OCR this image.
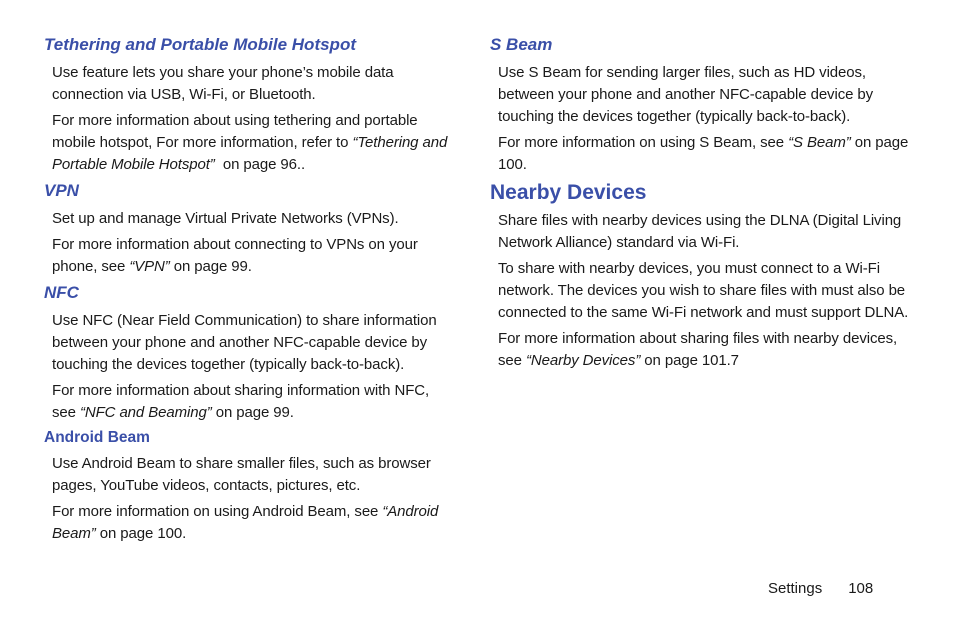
Tethering and Portable Mobile Hotspot

Use feature lets you share your phone’s mobile data connection via USB, Wi-Fi, or Bluetooth.

For more information about using tethering and portable mobile hotspot, For more information, refer to “Tethering and Portable Mobile Hotspot”  on page 96..

VPN

Set up and manage Virtual Private Networks (VPNs).

For more information about connecting to VPNs on your phone, see “VPN” on page 99.

NFC

Use NFC (Near Field Communication) to share information between your phone and another NFC-capable device by touching the devices together (typically back-to-back).

For more information about sharing information with NFC, see “NFC and Beaming” on page 99.

Android Beam

Use Android Beam to share smaller files, such as browser pages, YouTube videos, contacts, pictures, etc.

For more information on using Android Beam, see “Android Beam” on page 100.

S Beam

Use S Beam for sending larger files, such as HD videos, between your phone and another NFC-capable device by touching the devices together (typically back-to-back).

For more information on using S Beam, see “S Beam” on page 100.

Nearby Devices

Share files with nearby devices using the DLNA (Digital Living Network Alliance) standard via Wi-Fi.

To share with nearby devices, you must connect to a Wi-Fi network. The devices you wish to share files with must also be connected to the same Wi-Fi network and must support DLNA.

For more information about sharing files with nearby devices, see “Nearby Devices” on page 101.7

Settings 108
